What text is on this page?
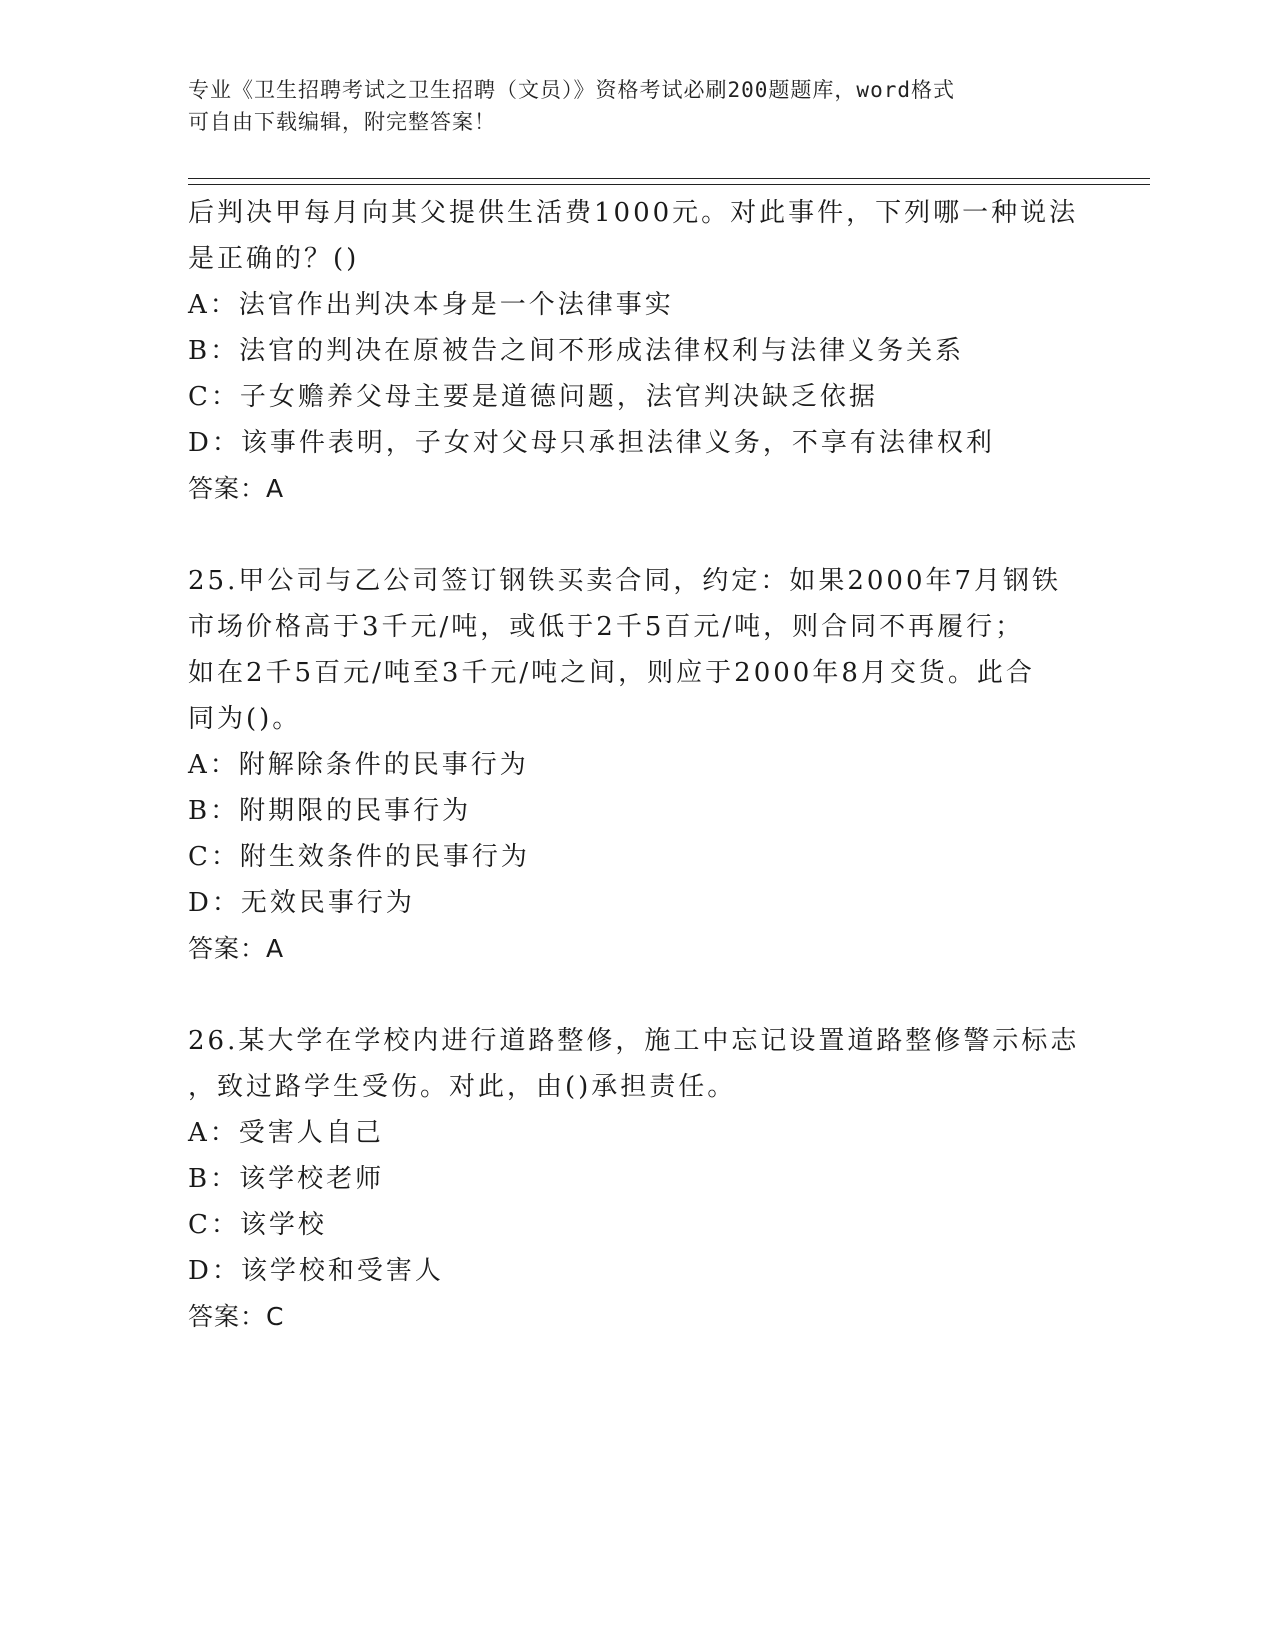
专业《卫生招聘考试之卫生招聘（文员）》资格考试必刷200题题库，word格式
可自由下载编辑，附完整答案！
后判决甲每月向其父提供生活费1000元。对此事件，下列哪一种说法
是正确的？()
A：法官作出判决本身是一个法律事实
B：法官的判决在原被告之间不形成法律权利与法律义务关系
C：子女赡养父母主要是道德问题，法官判决缺乏依据
D：该事件表明，子女对父母只承担法律义务，不享有法律权利
答案：A
25.甲公司与乙公司签订钢铁买卖合同，约定：如果2000年7月钢铁
市场价格高于3千元/吨，或低于2千5百元/吨，则合同不再履行；
如在2千5百元/吨至3千元/吨之间，则应于2000年8月交货。此合
同为()。
A：附解除条件的民事行为
B：附期限的民事行为
C：附生效条件的民事行为
D：无效民事行为
答案：A
26.某大学在学校内进行道路整修，施工中忘记设置道路整修警示标志
，致过路学生受伤。对此，由()承担责任。
A：受害人自己
B：该学校老师
C：该学校
D：该学校和受害人
答案：C
